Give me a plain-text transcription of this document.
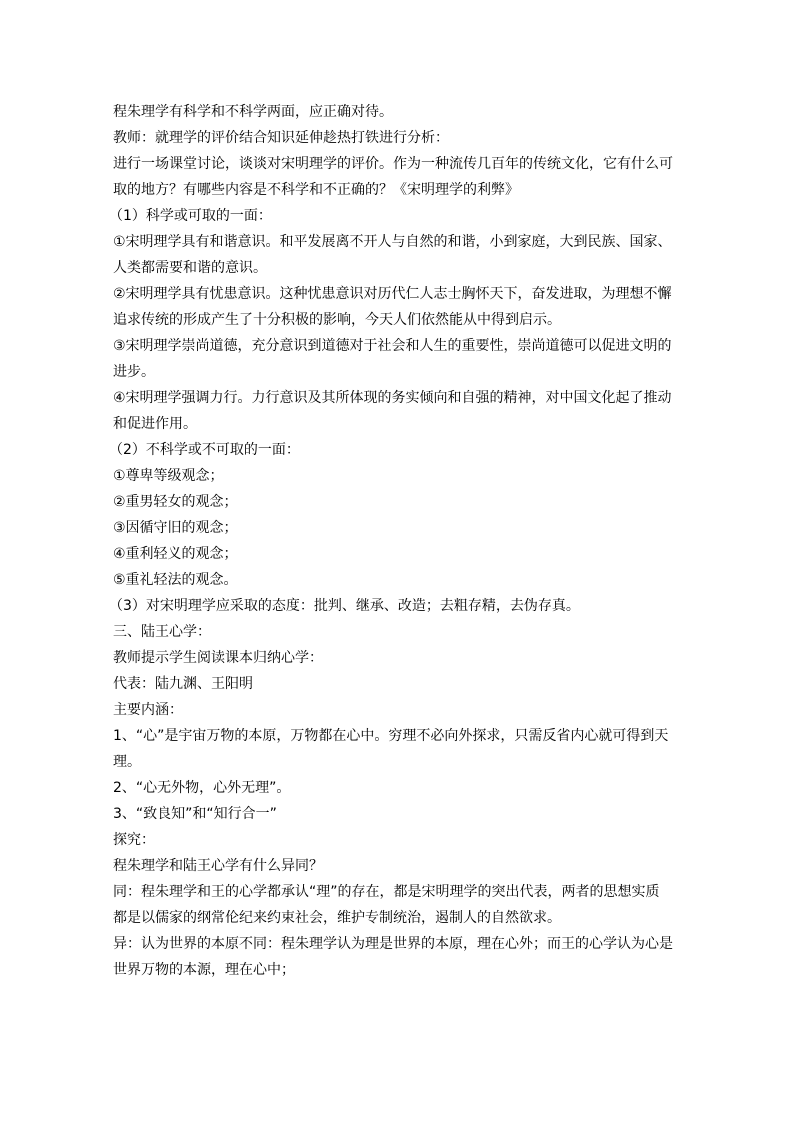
程朱理学有科学和不科学两面，应正确对待。
教师：就理学的评价结合知识延伸趁热打铁进行分析：
进行一场课堂讨论，谈谈对宋明理学的评价。作为一种流传几百年的传统文化，它有什么可
取的地方？有哪些内容是不科学和不正确的？《宋明理学的利弊》
（1）科学或可取的一面：
①宋明理学具有和谐意识。和平发展离不开人与自然的和谐，小到家庭，大到民族、国家、
人类都需要和谐的意识。
②宋明理学具有忧患意识。这种忧患意识对历代仁人志士胸怀天下，奋发进取，为理想不懈
追求传统的形成产生了十分积极的影响，今天人们依然能从中得到启示。
③宋明理学崇尚道德，充分意识到道德对于社会和人生的重要性，崇尚道德可以促进文明的
进步。
④宋明理学强调力行。力行意识及其所体现的务实倾向和自强的精神，对中国文化起了推动
和促进作用。
（2）不科学或不可取的一面：
①尊卑等级观念；
②重男轻女的观念；
③因循守旧的观念；
④重利轻义的观念；
⑤重礼轻法的观念。
（3）对宋明理学应采取的态度：批判、继承、改造；去粗存精，去伪存真。
三、陆王心学：
教师提示学生阅读课本归纳心学：
代表：陆九渊、王阳明
主要内涵：
1、“心”是宇宙万物的本原，万物都在心中。穷理不必向外探求，只需反省内心就可得到天
理。
2、“心无外物，心外无理”。
3、“致良知”和“知行合一”
探究：
程朱理学和陆王心学有什么异同？
同：程朱理学和王的心学都承认“理”的存在，都是宋明理学的突出代表，两者的思想实质
都是以儒家的纲常伦纪来约束社会，维护专制统治，遏制人的自然欲求。
异：认为世界的本原不同：程朱理学认为理是世界的本原，理在心外；而王的心学认为心是
世界万物的本源，理在心中；
